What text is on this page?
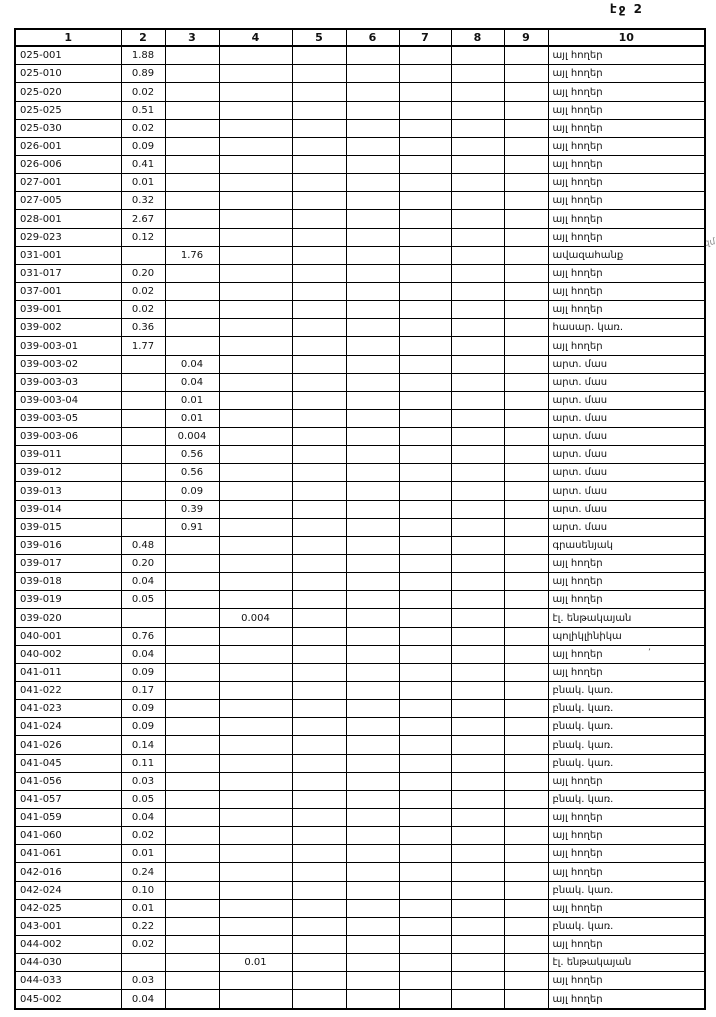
էջ 2
զմ
՚
1	2	3	4	5	6	7	8	9	10
025-001	1.88								այլ հողեր
025-010	0.89								այլ հողեր
025-020	0.02								այլ հողեր
025-025	0.51								այլ հողեր
025-030	0.02								այլ հողեր
026-001	0.09								այլ հողեր
026-006	0.41								այլ հողեր
027-001	0.01								այլ հողեր
027-005	0.32								այլ հողեր
028-001	2.67								այլ հողեր
029-023	0.12								այլ հողեր
031-001		1.76							ավազահանք
031-017	0.20								այլ հողեր
037-001	0.02								այլ հողեր
039-001	0.02								այլ հողեր
039-002	0.36								հասար. կառ.
039-003-01	1.77								այլ հողեր
039-003-02		0.04							արտ. մաս
039-003-03		0.04							արտ. մաս
039-003-04		0.01							արտ. մաս
039-003-05		0.01							արտ. մաս
039-003-06		0.004							արտ. մաս
039-011		0.56							արտ. մաս
039-012		0.56							արտ. մաս
039-013		0.09							արտ. մաս
039-014		0.39							արտ. մաս
039-015		0.91							արտ. մաս
039-016	0.48								գրասենյակ
039-017	0.20								այլ հողեր
039-018	0.04								այլ հողեր
039-019	0.05								այլ հողեր
039-020			0.004						էլ. ենթակայան
040-001	0.76								պոլիկլինիկա
040-002	0.04								այլ հողեր
041-011	0.09								այլ հողեր
041-022	0.17								բնակ. կառ.
041-023	0.09								բնակ. կառ.
041-024	0.09								բնակ. կառ.
041-026	0.14								բնակ. կառ.
041-045	0.11								բնակ. կառ.
041-056	0.03								այլ հողեր
041-057	0.05								բնակ. կառ.
041-059	0.04								այլ հողեր
041-060	0.02								այլ հողեր
041-061	0.01								այլ հողեր
042-016	0.24								այլ հողեր
042-024	0.10								բնակ. կառ.
042-025	0.01								այլ հողեր
043-001	0.22								բնակ. կառ.
044-002	0.02								այլ հողեր
044-030			0.01						էլ. ենթակայան
044-033	0.03								այլ հողեր
045-002	0.04								այլ հողեր
